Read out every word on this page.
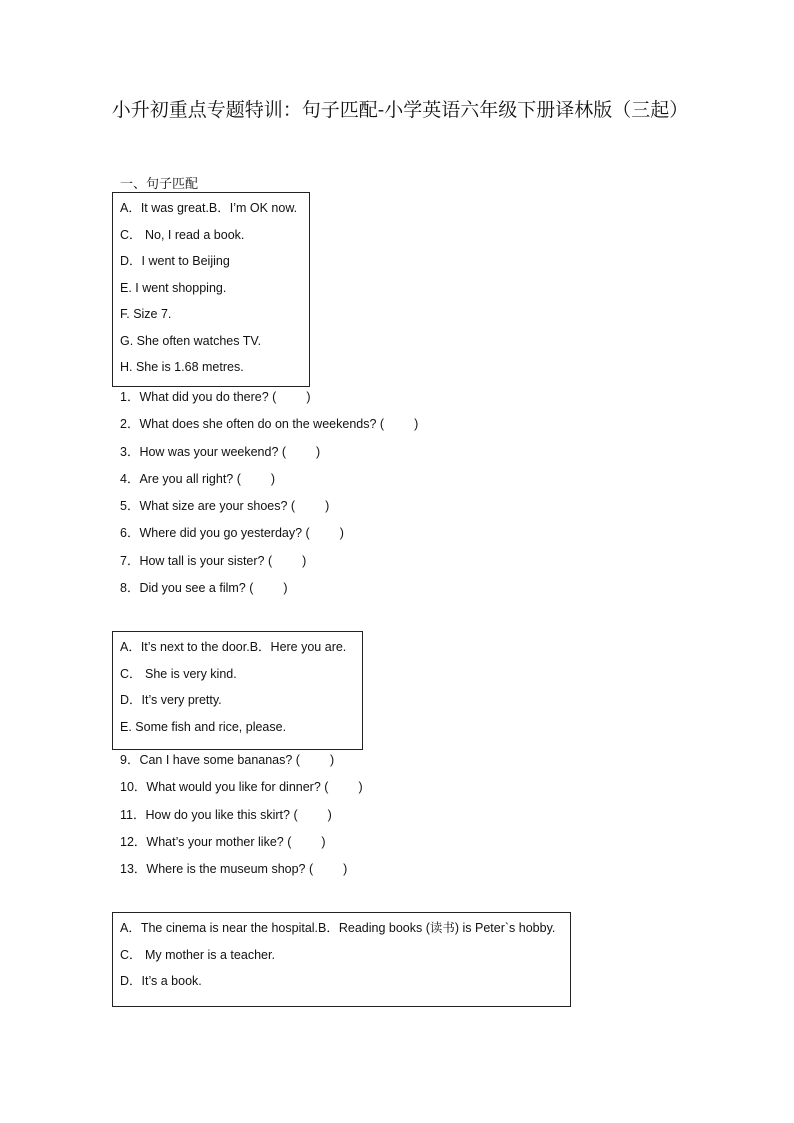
小升初重点专题特训：句子匹配-小学英语六年级下册译林版（三起）
一、句子匹配
A．It was great.B．I’m OK now.
C． No, I read a book.
D．I went to Beijing
E. I went shopping.
F. Size 7.
G. She often watches TV.
H. She is 1.68 metres.
1．What did you do there? ( )
2．What does she often do on the weekends? ( )
3．How was your weekend? ( )
4．Are you all right? ( )
5．What size are your shoes? ( )
6．Where did you go yesterday? ( )
7．How tall is your sister? ( )
8．Did you see a film? ( )
A．It’s next to the door.B．Here you are.
C． She is very kind.
D．It’s very pretty.
E. Some fish and rice, please.
9．Can I have some bananas? ( )
10．What would you like for dinner? ( )
11．How do you like this skirt? ( )
12．What’s your mother like? ( )
13．Where is the museum shop? ( )
A．The cinema is near the hospital.B．Reading books (读书) is Peter`s hobby.
C． My mother is a teacher.
D．It’s a book.
